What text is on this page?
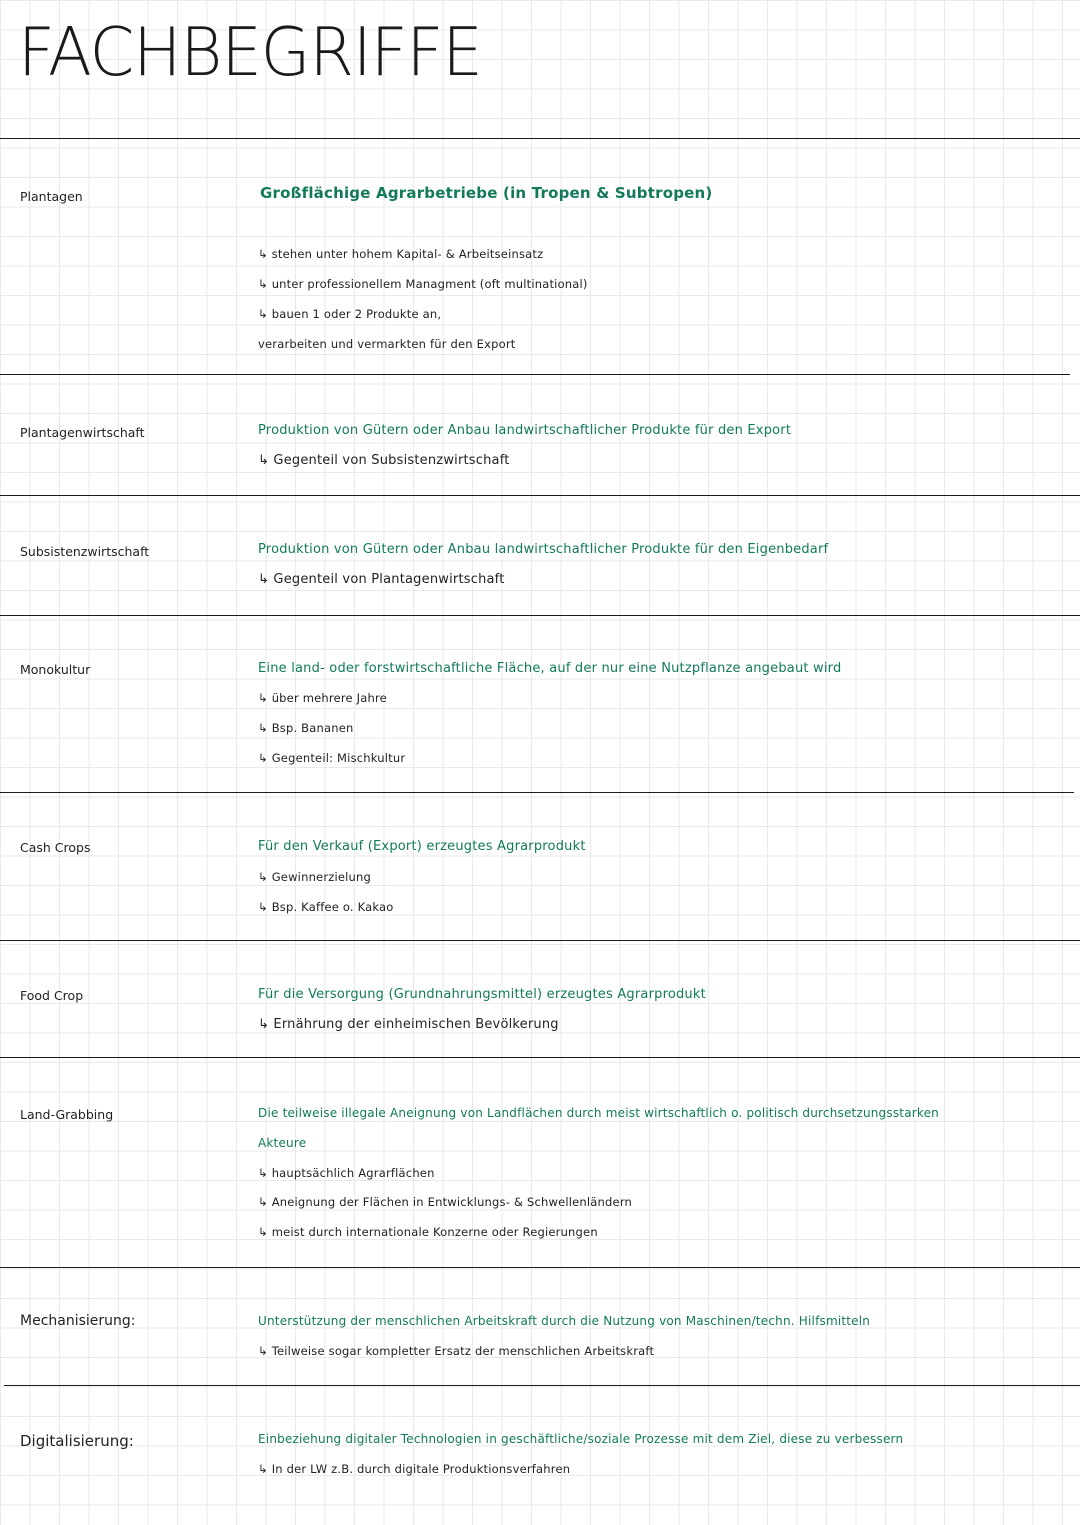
FACHBEGRIFFE
Plantagen	Großflächige Agrarbetriebe (in Tropen & Subtropen)
↳ stehen unter hohem Kapital- & Arbeitseinsatz
↳ unter professionellem Managment (oft multinational)
↳ bauen 1 oder 2 Produkte an,
verarbeiten und vermarkten für den Export
Plantagenwirtschaft	Produktion von Gütern oder Anbau landwirtschaftlicher Produkte für den Export
↳ Gegenteil von Subsistenzwirtschaft
Subsistenzwirtschaft	Produktion von Gütern oder Anbau landwirtschaftlicher Produkte für den Eigenbedarf
↳ Gegenteil von Plantagenwirtschaft
Monokultur	Eine land- oder forstwirtschaftliche Fläche, auf der nur eine Nutzpflanze angebaut wird
↳ über mehrere Jahre
↳ Bsp. Bananen
↳ Gegenteil: Mischkultur
Cash Crops	Für den Verkauf (Export) erzeugtes Agrarprodukt
↳ Gewinnerzielung
↳ Bsp. Kaffee o. Kakao
Food Crop	Für die Versorgung (Grundnahrungsmittel) erzeugtes Agrarprodukt
↳ Ernährung der einheimischen Bevölkerung
Land-Grabbing	Die teilweise illegale Aneignung von Landflächen durch meist wirtschaftlich o. politisch durchsetzungsstarken
Akteure
↳ hauptsächlich Agrarflächen
↳ Aneignung der Flächen in Entwicklungs- & Schwellenländern
↳ meist durch internationale Konzerne oder Regierungen
Mechanisierung:	Unterstützung der menschlichen Arbeitskraft durch die Nutzung von Maschinen/techn. Hilfsmitteln
↳ Teilweise sogar kompletter Ersatz der menschlichen Arbeitskraft
Digitalisierung:	Einbeziehung digitaler Technologien in geschäftliche/soziale Prozesse mit dem Ziel, diese zu verbessern
↳ In der LW z.B. durch digitale Produktionsverfahren
